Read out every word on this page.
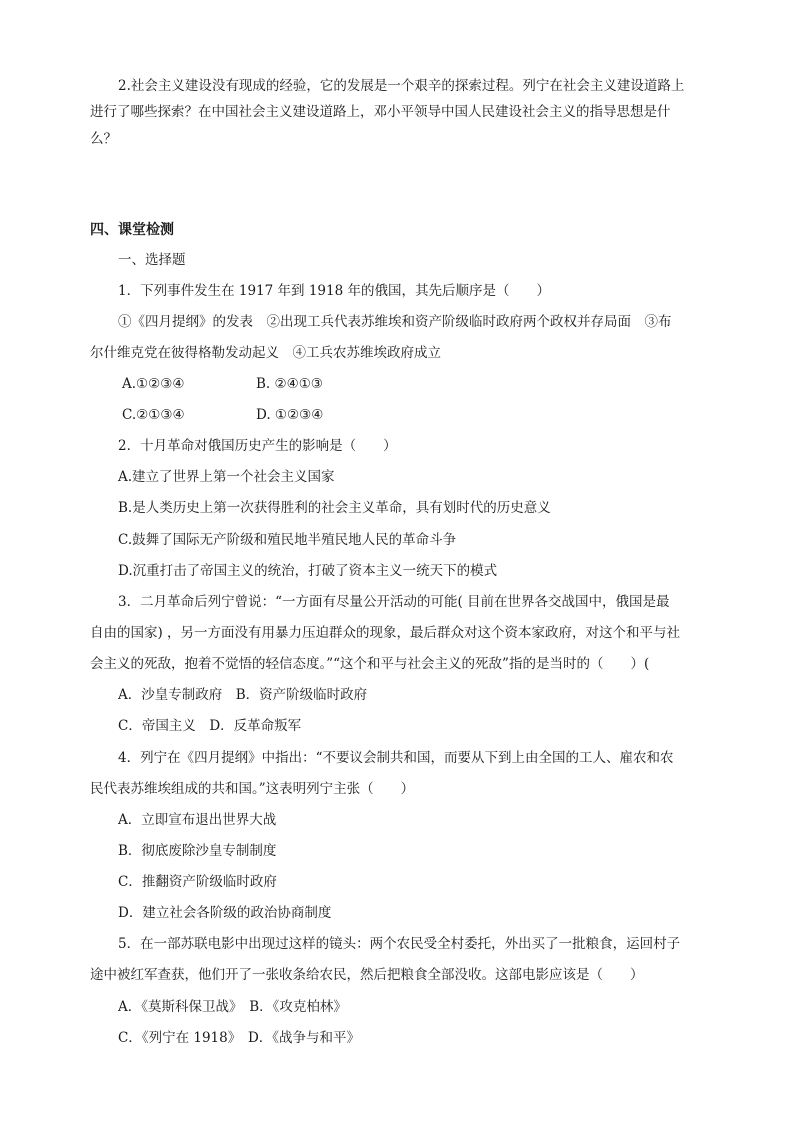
2.社会主义建设没有现成的经验，它的发展是一个艰辛的探索过程。列宁在社会主义建设道路上
进行了哪些探索？在中国社会主义建设道路上，邓小平领导中国人民建设社会主义的指导思想是什
么？
四、课堂检测
一、选择题
1．下列事件发生在 1917 年到 1918 年的俄国，其先后顺序是（　　）
①《四月提纲》的发表　②出现工兵代表苏维埃和资产阶级临时政府两个政权并存局面　③布
尔什维克党在彼得格勒发动起义　④工兵农苏维埃政府成立
A.①②③④	B. ②④①③
C.②①③④	D. ①②③④
2．十月革命对俄国历史产生的影响是（　　）
A.建立了世界上第一个社会主义国家
B.是人类历史上第一次获得胜利的社会主义革命，具有划时代的历史意义
C.鼓舞了国际无产阶级和殖民地半殖民地人民的革命斗争
D.沉重打击了帝国主义的统治，打破了资本主义一统天下的模式
3．二月革命后列宁曾说：“一方面有尽量公开活动的可能( 目前在世界各交战国中，俄国是最
自由的国家) ，另一方面没有用暴力压迫群众的现象，最后群众对这个资本家政府，对这个和平与社
会主义的死敌，抱着不觉悟的轻信态度。”“这个和平与社会主义的死敌”指的是当时的（　　）(
A．沙皇专制政府　B．资产阶级临时政府
C．帝国主义　D．反革命叛军
4．列宁在《四月提纲》中指出：“不要议会制共和国，而要从下到上由全国的工人、雇农和农
民代表苏维埃组成的共和国。”这表明列宁主张（　　）
A．立即宣布退出世界大战
B．彻底废除沙皇专制制度
C．推翻资产阶级临时政府
D．建立社会各阶级的政治协商制度
5．在一部苏联电影中出现过这样的镜头：两个农民受全村委托，外出买了一批粮食，运回村子
途中被红军查获，他们开了一张收条给农民，然后把粮食全部没收。这部电影应该是（　　）
A．《莫斯科保卫战》　B．《攻克柏林》
C．《列宁在 1918》　D．《战争与和平》
